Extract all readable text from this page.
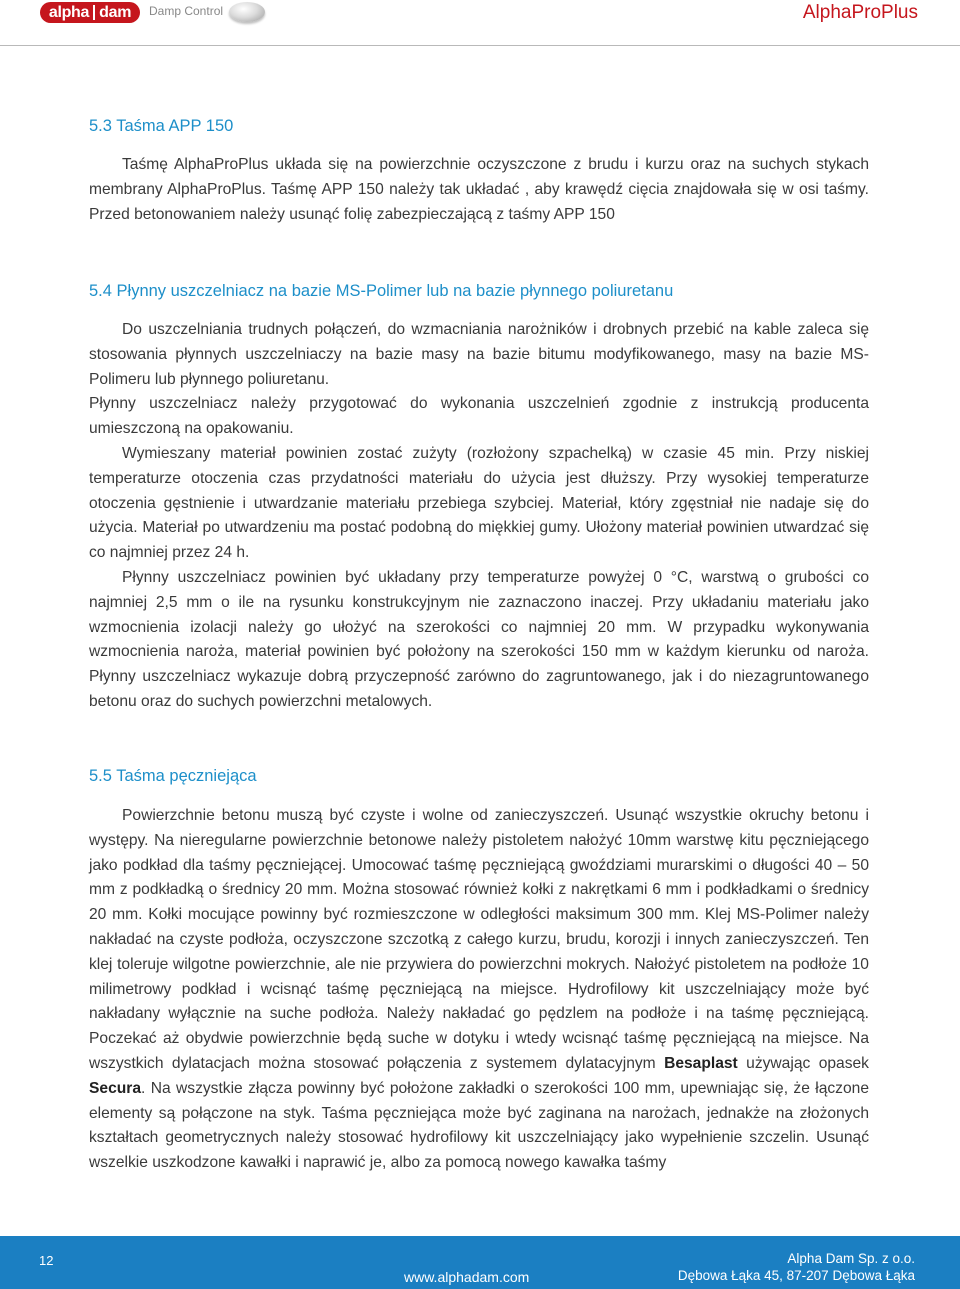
alpha dam Damp Control	AlphaProPlus
5.3 Taśma APP 150

Taśmę AlphaProPlus układa się na powierzchnie oczyszczone z brudu i kurzu oraz na suchych stykach membrany AlphaProPlus. Taśmę APP 150 należy tak układać , aby krawędź cięcia znajdowała się w osi taśmy. Przed betonowaniem należy usunąć folię zabezpieczającą z taśmy APP 150

5.4 Płynny uszczelniacz na bazie MS-Polimer lub na bazie płynnego poliuretanu

Do uszczelniania trudnych połączeń, do wzmacniania narożników i drobnych przebić na kable zaleca się stosowania płynnych uszczelniaczy na bazie masy na bazie bitumu modyfikowanego, masy na bazie MS-Polimeru lub płynnego poliuretanu.

Płynny uszczelniacz należy przygotować do wykonania uszczelnień zgodnie z instrukcją producenta umieszczoną na opakowaniu.

Wymieszany materiał powinien zostać zużyty (rozłożony szpachelką) w czasie 45 min. Przy niskiej temperaturze otoczenia czas przydatności materiału do użycia jest dłuższy. Przy wysokiej temperaturze otoczenia gęstnienie i utwardzanie materiału przebiega szybciej. Materiał, który zgęstniał nie nadaje się do użycia. Materiał po utwardzeniu ma postać podobną do miękkiej gumy. Ułożony materiał powinien utwardzać się co najmniej przez 24 h.

Płynny uszczelniacz powinien być układany przy temperaturze powyżej 0 °C, warstwą o grubości co najmniej 2,5 mm o ile na rysunku konstrukcyjnym nie zaznaczono inaczej. Przy układaniu materiału jako wzmocnienia izolacji należy go ułożyć na szerokości co najmniej 20 mm. W przypadku wykonywania wzmocnienia naroża, materiał powinien być położony na szerokości 150 mm w każdym kierunku od naroża. Płynny uszczelniacz wykazuje dobrą przyczepność zarówno do zagruntowanego, jak i do niezagruntowanego betonu oraz do suchych powierzchni metalowych.

5.5 Taśma pęczniejąca

Powierzchnie betonu muszą być czyste i wolne od zanieczyszczeń. Usunąć wszystkie okruchy betonu i występy. Na nieregularne powierzchnie betonowe należy pistoletem nałożyć 10mm warstwę kitu pęczniejącego jako podkład dla taśmy pęczniejącej. Umocować taśmę pęczniejącą gwoździami murarskimi o długości 40 – 50 mm z podkładką o średnicy 20 mm. Można stosować również kołki z nakrętkami 6 mm i podkładkami o średnicy 20 mm. Kołki mocujące powinny być rozmieszczone w odległości maksimum 300 mm. Klej MS-Polimer należy nakładać na czyste podłoża, oczyszczone szczotką z całego kurzu, brudu, korozji i innych zanieczyszczeń. Ten klej toleruje wilgotne powierzchnie, ale nie przywiera do powierzchni mokrych. Nałożyć pistoletem na podłoże 10 milimetrowy podkład i wcisnąć taśmę pęczniejącą na miejsce. Hydrofilowy kit uszczelniający może być nakładany wyłącznie na suche podłoża. Należy nakładać go pędzlem na podłoże i na taśmę pęczniejącą. Poczekać aż obydwie powierzchnie będą suche w dotyku i wtedy wcisnąć taśmę pęczniejącą na miejsce. Na wszystkich dylatacjach można stosować połączenia z systemem dylatacyjnym Besaplast używając opasek Secura. Na wszystkie złącza powinny być położone zakładki o szerokości 100 mm, upewniając się, że łączone elementy są połączone na styk. Taśma pęczniejąca może być zaginana na narożach, jednakże na złożonych kształtach geometrycznych należy stosować hydrofilowy kit uszczelniający jako wypełnienie szczelin. Usunąć wszelkie uszkodzone kawałki i naprawić je, albo za pomocą nowego kawałka taśmy

12
www.alphadam.com
Alpha Dam Sp. z o.o.
Dębowa Łąka 45, 87-207 Dębowa Łąka
